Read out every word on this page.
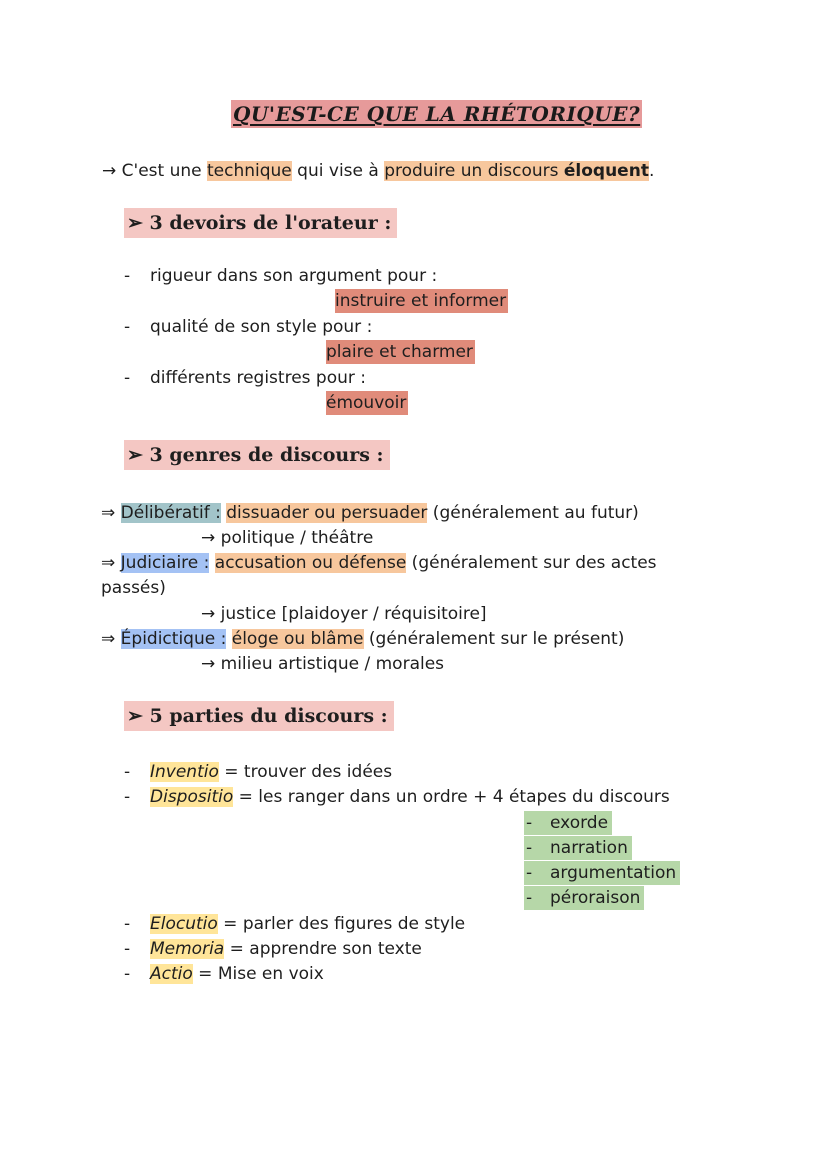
QU'EST-CE QUE LA RHÉTORIQUE?
→ C'est une technique qui vise à produire un discours éloquent.
➢ 3 devoirs de l'orateur :
- rigueur dans son argument pour :
instruire et informer
- qualité de son style pour :
plaire et charmer
- différents registres pour :
émouvoir
➢ 3 genres de discours :
⇒ Délibératif : dissuader ou persuader (généralement au futur)
→ politique / théâtre
⇒ Judiciaire : accusation ou défense (généralement sur des actes
passés)
→ justice [plaidoyer / réquisitoire]
⇒ Épidictique : éloge ou blâme (généralement sur le présent)
→ milieu artistique / morales
➢ 5 parties du discours :
- Inventio = trouver des idées
- Dispositio = les ranger dans un ordre + 4 étapes du discours
- exorde
- narration
- argumentation
- péroraison
- Elocutio = parler des figures de style
- Memoria = apprendre son texte
- Actio = Mise en voix
